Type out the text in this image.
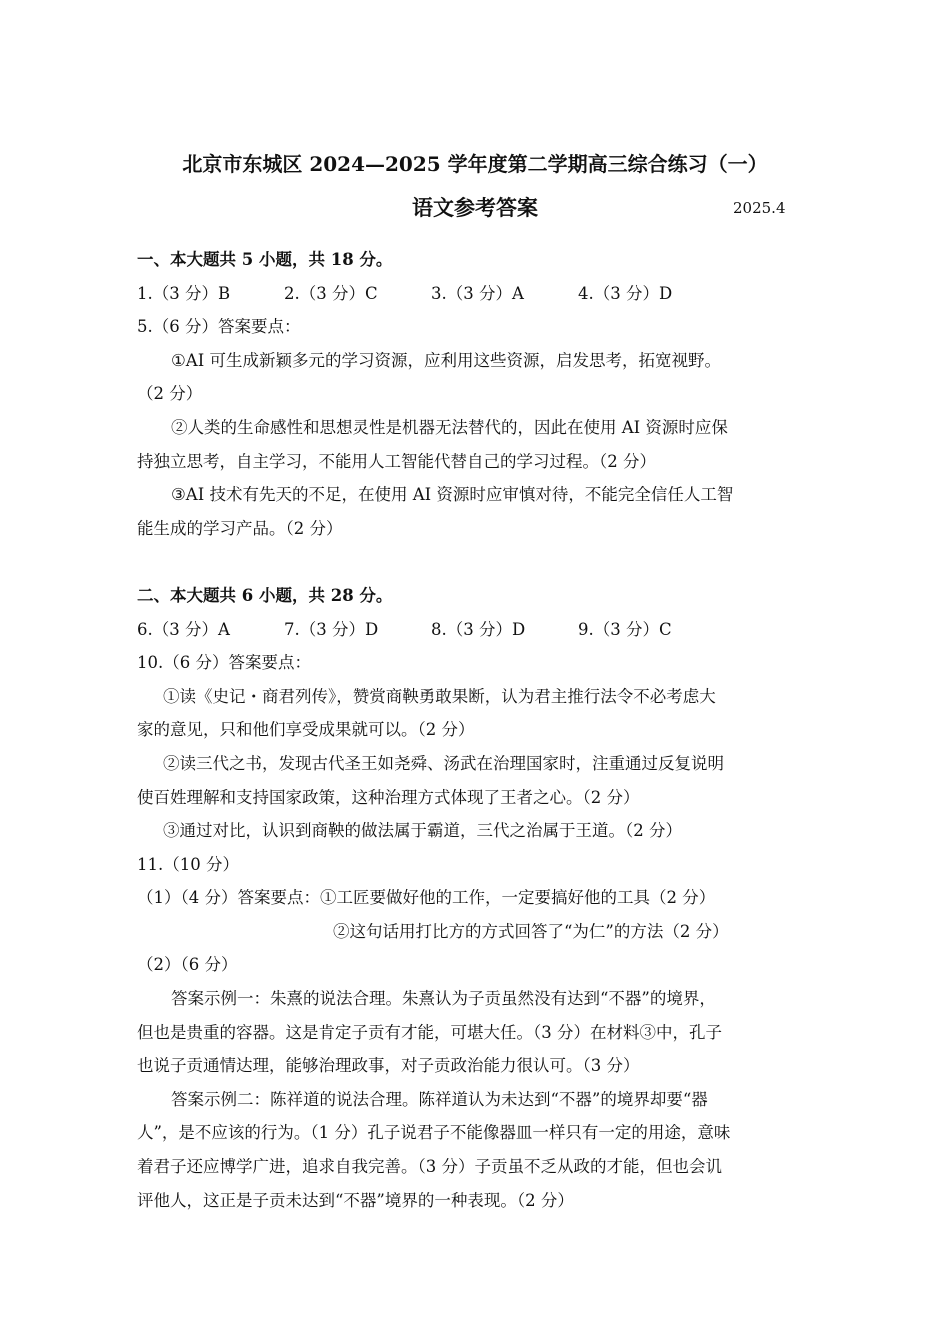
北京市东城区 2024—2025 学年度第二学期高三综合练习（一）
语文参考答案	2025.4
一、本大题共 5 小题，共 18 分。
1.（3 分）B	2.（3 分）C	3.（3 分）A	4.（3 分）D
5.（6 分）答案要点：
①AI 可生成新颖多元的学习资源，应利用这些资源，启发思考，拓宽视野。
（2 分）
②人类的生命感性和思想灵性是机器无法替代的，因此在使用 AI 资源时应保
持独立思考，自主学习，不能用人工智能代替自己的学习过程。（2 分）
③AI 技术有先天的不足，在使用 AI 资源时应审慎对待，不能完全信任人工智
能生成的学习产品。（2 分）
二、本大题共 6 小题，共 28 分。
6.（3 分）A	7.（3 分）D	8.（3 分）D	9.（3 分）C
10.（6 分）答案要点：
①读《史记・商君列传》，赞赏商鞅勇敢果断，认为君主推行法令不必考虑大
家的意见，只和他们享受成果就可以。（2 分）
②读三代之书，发现古代圣王如尧舜、汤武在治理国家时，注重通过反复说明
使百姓理解和支持国家政策，这种治理方式体现了王者之心。（2 分）
③通过对比，认识到商鞅的做法属于霸道，三代之治属于王道。（2 分）
11.（10 分）
（1）（4 分）答案要点：①工匠要做好他的工作，一定要搞好他的工具（2 分）
②这句话用打比方的方式回答了“为仁”的方法（2 分）
（2）（6 分）
答案示例一：朱熹的说法合理。朱熹认为子贡虽然没有达到“不器”的境界，
但也是贵重的容器。这是肯定子贡有才能，可堪大任。（3 分）在材料③中，孔子
也说子贡通情达理，能够治理政事，对子贡政治能力很认可。（3 分）
答案示例二：陈祥道的说法合理。陈祥道认为未达到“不器”的境界却要“器
人”，是不应该的行为。（1 分）孔子说君子不能像器皿一样只有一定的用途，意味
着君子还应博学广进，追求自我完善。（3 分）子贡虽不乏从政的才能，但也会讥
评他人，这正是子贡未达到“不器”境界的一种表现。（2 分）
